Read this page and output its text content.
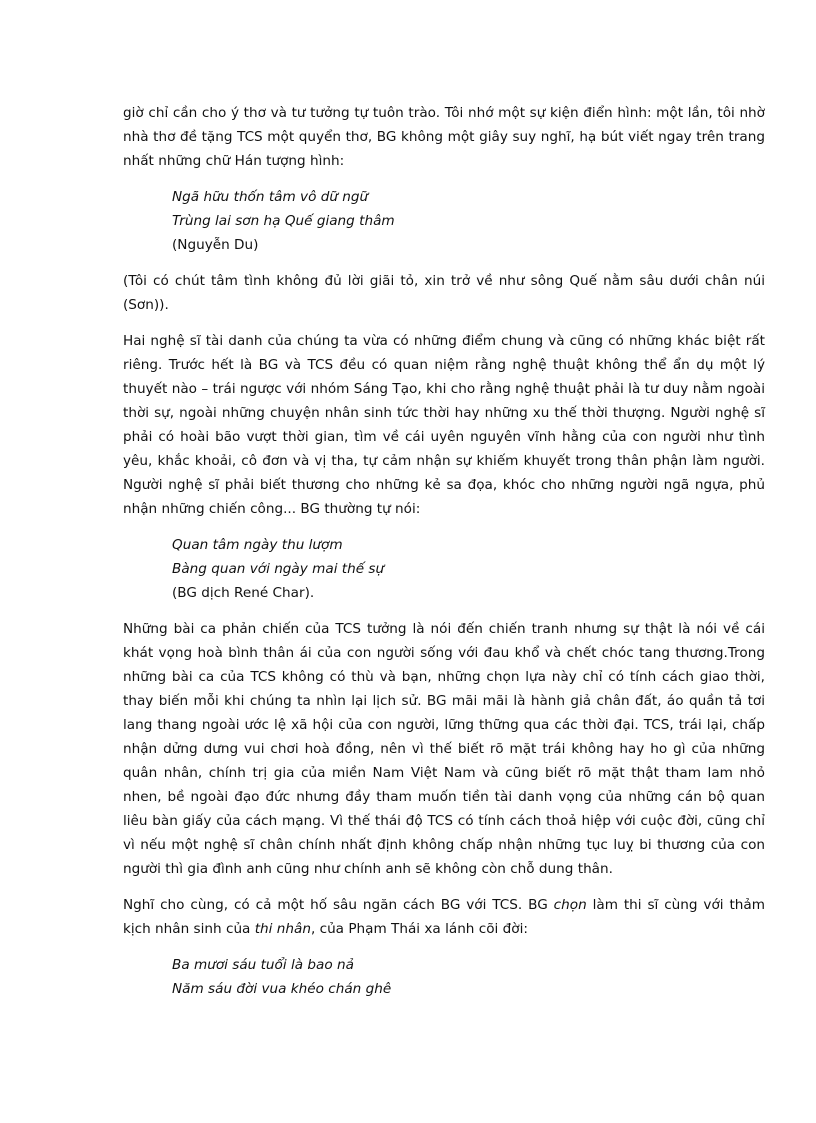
giờ chỉ cần cho ý thơ và tư tưởng tự tuôn trào. Tôi nhớ một sự kiện điển hình: một lần, tôi nhờ nhà thơ đề tặng TCS một quyển thơ, BG không một giây suy nghĩ, hạ bút viết ngay trên trang nhất những chữ Hán tượng hình:

Ngã hữu thốn tâm vô dữ ngữ
Trùng lai sơn hạ Quế giang thâm
(Nguyễn Du)

(Tôi có chút tâm tình không đủ lời giãi tỏ, xin trở về như sông Quế nằm sâu dưới chân núi (Sơn)).

Hai nghệ sĩ tài danh của chúng ta vừa có những điểm chung và cũng có những khác biệt rất riêng. Trước hết là BG và TCS đều có quan niệm rằng nghệ thuật không thể ẩn dụ một lý thuyết nào – trái ngược với nhóm Sáng Tạo, khi cho rằng nghệ thuật phải là tư duy nằm ngoài thời sự, ngoài những chuyện nhân sinh tức thời hay những xu thế thời thượng. Người nghệ sĩ phải có hoài bão vượt thời gian, tìm về cái uyên nguyên vĩnh hằng của con người như tình yêu, khắc khoải, cô đơn và vị tha, tự cảm nhận sự khiếm khuyết trong thân phận làm người. Người nghệ sĩ phải biết thương cho những kẻ sa đọa, khóc cho những người ngã ngựa, phủ nhận những chiến công... BG thường tự nói:

Quan tâm ngày thu lượm
Bàng quan với ngày mai thế sự
(BG dịch René Char).

Những bài ca phản chiến của TCS tưởng là nói đến chiến tranh nhưng sự thật là nói về cái khát vọng hoà bình thân ái của con người sống với đau khổ và chết chóc tang thương.Trong những bài ca của TCS không có thù và bạn, những chọn lựa này chỉ có tính cách giao thời, thay biến mỗi khi chúng ta nhìn lại lịch sử. BG mãi mãi là hành giả chân đất, áo quần tả tơi lang thang ngoài ước lệ xã hội của con người, lững thững qua các thời đại. TCS, trái lại, chấp nhận dửng dưng vui chơi hoà đồng, nên vì thế biết rõ mặt trái không hay ho gì của những quân nhân, chính trị gia của miền Nam Việt Nam và cũng biết rõ mặt thật tham lam nhỏ nhen, bề ngoài đạo đức nhưng đầy tham muốn tiền tài danh vọng của những cán bộ quan liêu bàn giấy của cách mạng. Vì thế thái độ TCS có tính cách thoả hiệp với cuộc đời, cũng chỉ vì nếu một nghệ sĩ chân chính nhất định không chấp nhận những tục luỵ bi thương của con người thì gia đình anh cũng như chính anh sẽ không còn chỗ dung thân.

Nghĩ cho cùng, có cả một hố sâu ngăn cách BG với TCS. BG chọn làm thi sĩ cùng với thảm kịch nhân sinh của thi nhân, của Phạm Thái xa lánh cõi đời:

Ba mươi sáu tuổi là bao nả
Năm sáu đời vua khéo chán ghê
